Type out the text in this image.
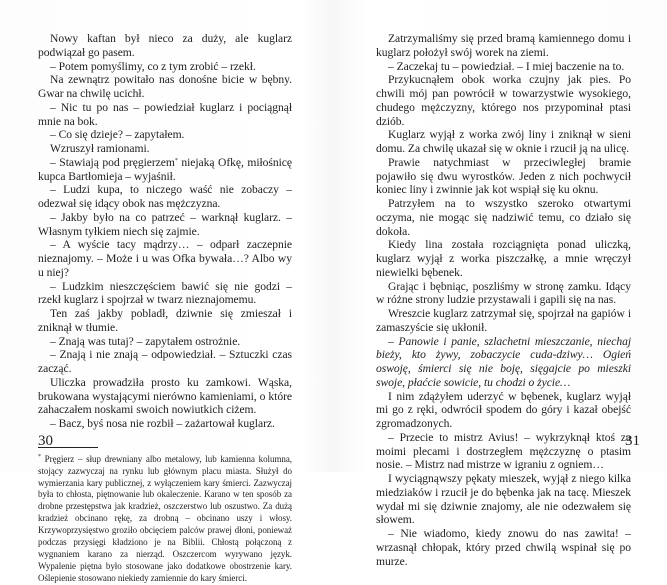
Nowy kaftan był nieco za duży, ale kuglarz podwiązał go pasem.

– Potem pomyślimy, co z tym zrobić – rzekł.

Na zewnątrz powitało nas donośne bicie w bębny. Gwar na chwilę ucichł.

– Nic tu po nas – powiedział kuglarz i pociągnął mnie na bok.

– Co się dzieje? – zapytałem.

Wzruszył ramionami.

– Stawiają pod pręgierzem* niejaką Ofkę, miłośnicę kupca Bartłomieja – wyjaśnił.

– Ludzi kupa, to niczego waść nie zobaczy – odezwał się idący obok nas mężczyzna.

– Jakby było na co patrzeć – warknął kuglarz. – Własnym tyłkiem niech się zajmie.

– A wyście tacy mądrzy… – odparł zaczepnie nieznajomy. – Może i u was Ofka bywała…? Albo wy u niej?

– Ludzkim nieszczęściem bawić się nie godzi – rzekł kuglarz i spojrzał w twarz nieznajomemu.

Ten zaś jakby pobladł, dziwnie się zmieszał i zniknął w tłumie.

– Znają was tutaj? – zapytałem ostrożnie.

– Znają i nie znają – odpowiedział. – Sztuczki czas zacząć.

Uliczka prowadziła prosto ku zamkowi. Wąska, brukowana wystającymi nierówno kamieniami, o które zahaczałem noskami swoich nowiutkich ciżem.

– Bacz, byś nosa nie rozbił – zażartował kuglarz.

* Pręgierz – słup drewniany albo metalowy, lub kamienna kolumna, stojący zazwyczaj na rynku lub głównym placu miasta. Służył do wymierzania kary publicznej, z wyłączeniem kary śmierci. Zazwyczaj była to chłosta, piętnowanie lub okaleczenie. Karano w ten sposób za drobne przestępstwa jak kradzież, oszczerstwo lub oszustwo. Za dużą kradzież obcinano rękę, za drobną – obcinano uszy i włosy. Krzywoprzysięstwo groziło obcięciem palców prawej dłoni, ponieważ podczas przysięgi kładziono je na Biblii. Chłostą połączoną z wygnaniem karano za nierząd. Oszczercom wyrywano język. Wypalenie piętna było stosowane jako dodatkowe obostrzenie kary. Oślepienie stosowano niekiedy zamiennie do kary śmierci.

30

Zatrzymaliśmy się przed bramą kamiennego domu i kuglarz położył swój worek na ziemi.

– Zaczekaj tu – powiedział. – I miej baczenie na to.

Przykucnąłem obok worka czujny jak pies. Po chwili mój pan powrócił w towarzystwie wysokiego, chudego mężczyzny, którego nos przypominał ptasi dziób.

Kuglarz wyjął z worka zwój liny i zniknął w sieni domu. Za chwilę ukazał się w oknie i rzucił ją na ulicę.

Prawie natychmiast w przeciwległej bramie pojawiło się dwu wyrostków. Jeden z nich pochwycił koniec liny i zwinnie jak kot wspiął się ku oknu.

Patrzyłem na to wszystko szeroko otwartymi oczyma, nie mogąc się nadziwić temu, co działo się dokoła.

Kiedy lina została rozciągnięta ponad uliczką, kuglarz wyjął z worka piszczałkę, a mnie wręczył niewielki bębenek.

Grając i bębniąc, poszliśmy w stronę zamku. Idący w różne strony ludzie przystawali i gapili się na nas.

Wreszcie kuglarz zatrzymał się, spojrzał na gapiów i zamaszyście się ukłonił.

– Panowie i panie, szlachetni mieszczanie, niechaj bieży, kto żywy, zobaczycie cuda-dziwy… Ogień oswoję, śmierci się nie boję, sięgajcie po mieszki swoje, płaćcie sowicie, tu chodzi o życie…

I nim zdążyłem uderzyć w bębenek, kuglarz wyjął mi go z ręki, odwrócił spodem do góry i kazał obejść zgromadzonych.

– Przecie to mistrz Avius! – wykrzyknął ktoś za moimi plecami i dostrzegłem mężczyznę o ptasim nosie. – Mistrz nad mistrze w igraniu z ogniem…

I wyciągnąwszy pękaty mieszek, wyjął z niego kilka miedziaków i rzucił je do bębenka jak na tacę. Mieszek wydał mi się dziwnie znajomy, ale nie odezwałem się słowem.

– Nie wiadomo, kiedy znowu do nas zawita! – wrzasnął chłopak, który przed chwilą wspinał się po murze.

31
